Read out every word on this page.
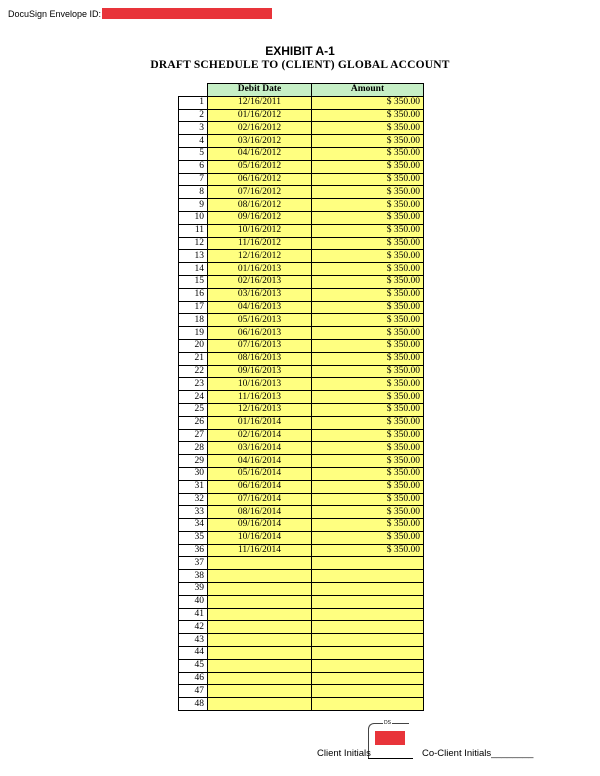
DocuSign Envelope ID:
EXHIBIT A-1
DRAFT SCHEDULE TO (CLIENT) GLOBAL ACCOUNT
	Debit Date	Amount
1	12/16/2011	$ 350.00
2	01/16/2012	$ 350.00
3	02/16/2012	$ 350.00
4	03/16/2012	$ 350.00
5	04/16/2012	$ 350.00
6	05/16/2012	$ 350.00
7	06/16/2012	$ 350.00
8	07/16/2012	$ 350.00
9	08/16/2012	$ 350.00
10	09/16/2012	$ 350.00
11	10/16/2012	$ 350.00
12	11/16/2012	$ 350.00
13	12/16/2012	$ 350.00
14	01/16/2013	$ 350.00
15	02/16/2013	$ 350.00
16	03/16/2013	$ 350.00
17	04/16/2013	$ 350.00
18	05/16/2013	$ 350.00
19	06/16/2013	$ 350.00
20	07/16/2013	$ 350.00
21	08/16/2013	$ 350.00
22	09/16/2013	$ 350.00
23	10/16/2013	$ 350.00
24	11/16/2013	$ 350.00
25	12/16/2013	$ 350.00
26	01/16/2014	$ 350.00
27	02/16/2014	$ 350.00
28	03/16/2014	$ 350.00
29	04/16/2014	$ 350.00
30	05/16/2014	$ 350.00
31	06/16/2014	$ 350.00
32	07/16/2014	$ 350.00
33	08/16/2014	$ 350.00
34	09/16/2014	$ 350.00
35	10/16/2014	$ 350.00
36	11/16/2014	$ 350.00
37		
38		
39		
40		
41		
42		
43		
44		
45		
46		
47		
48		
DS
Client Initials	Co-Client Initials________
